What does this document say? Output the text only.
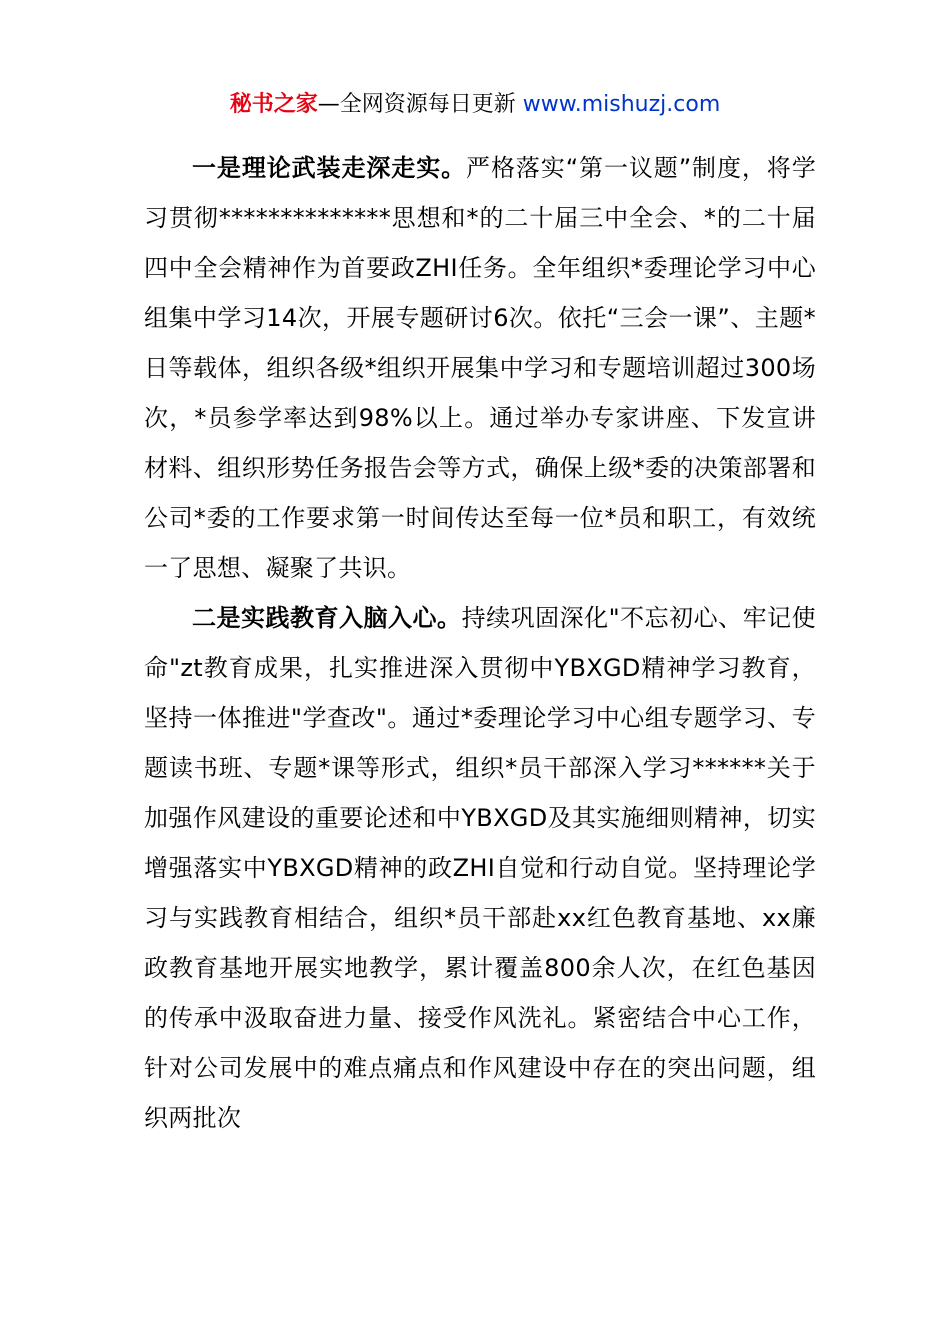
秘书之家—全网资源每日更新 www.mishuzj.com

一是理论武装走深走实。严格落实“第一议题”制度，将学习贯彻**************思想和*的二十届三中全会、*的二十届四中全会精神作为首要政ZHI任务。全年组织*委理论学习中心组集中学习14次，开展专题研讨6次。依托“三会一课”、主题*日等载体，组织各级*组织开展集中学习和专题培训超过300场次，*员参学率达到98%以上。通过举办专家讲座、下发宣讲材料、组织形势任务报告会等方式，确保上级*委的决策部署和公司*委的工作要求第一时间传达至每一位*员和职工，有效统一了思想、凝聚了共识。

二是实践教育入脑入心。持续巩固深化"不忘初心、牢记使命"zt教育成果，扎实推进深入贯彻中YBXGD精神学习教育，坚持一体推进"学查改"。通过*委理论学习中心组专题学习、专题读书班、专题*课等形式，组织*员干部深入学习******关于加强作风建设的重要论述和中YBXGD及其实施细则精神，切实增强落实中YBXGD精神的政ZHI自觉和行动自觉。坚持理论学习与实践教育相结合，组织*员干部赴xx红色教育基地、xx廉政教育基地开展实地教学，累计覆盖800余人次，在红色基因的传承中汲取奋进力量、接受作风洗礼。紧密结合中心工作，针对公司发展中的难点痛点和作风建设中存在的突出问题，组织两批次
